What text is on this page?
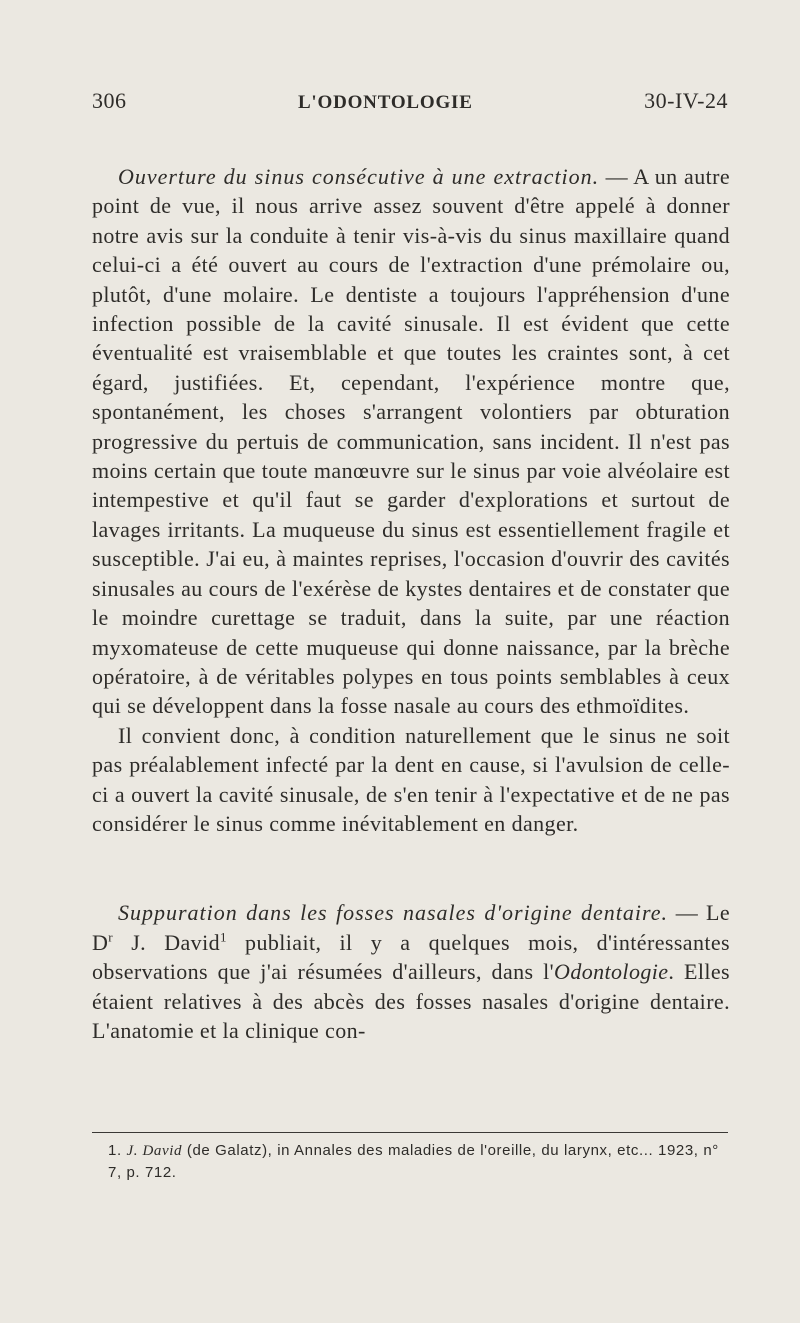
306	L'ODONTOLOGIE	30-IV-24

Ouverture du sinus consécutive à une extraction. — A un autre point de vue, il nous arrive assez souvent d'être appelé à donner notre avis sur la conduite à tenir vis-à-vis du sinus maxillaire quand celui-ci a été ouvert au cours de l'extraction d'une prémolaire ou, plutôt, d'une molaire. Le dentiste a toujours l'appréhension d'une infection possible de la cavité sinusale. Il est évident que cette éventualité est vraisemblable et que toutes les craintes sont, à cet égard, justifiées. Et, cependant, l'expérience montre que, spontanément, les choses s'arrangent volontiers par obturation progressive du pertuis de communication, sans incident. Il n'est pas moins certain que toute manœuvre sur le sinus par voie alvéolaire est intempestive et qu'il faut se garder d'explorations et surtout de lavages irritants. La muqueuse du sinus est essentiellement fragile et susceptible. J'ai eu, à maintes reprises, l'occasion d'ouvrir des cavités sinusales au cours de l'exérèse de kystes dentaires et de constater que le moindre curettage se traduit, dans la suite, par une réaction myxomateuse de cette muqueuse qui donne naissance, par la brèche opératoire, à de véritables polypes en tous points semblables à ceux qui se développent dans la fosse nasale au cours des ethmoïdites.

Il convient donc, à condition naturellement que le sinus ne soit pas préalablement infecté par la dent en cause, si l'avulsion de celle-ci a ouvert la cavité sinusale, de s'en tenir à l'expectative et de ne pas considérer le sinus comme inévitablement en danger.

Suppuration dans les fosses nasales d'origine dentaire. — Le $D^r$ J. David$^1$ publiait, il y a quelques mois, d'intéressantes observations que j'ai résumées d'ailleurs, dans l'Odontologie. Elles étaient relatives à des abcès des fosses nasales d'origine dentaire. L'anatomie et la clinique con-

1. J. David (de Galatz), in Annales des maladies de l'oreille, du larynx, etc... 1923, n° 7, p. 712.
